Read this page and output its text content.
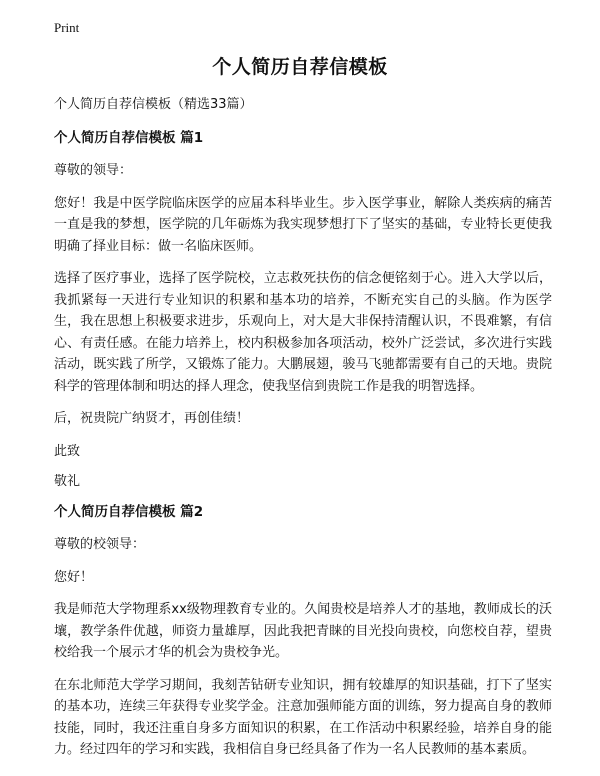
Print
个人简历自荐信模板

个人简历自荐信模板（精选33篇）

个人简历自荐信模板 篇1

尊敬的领导：

您好！我是中医学院临床医学的应届本科毕业生。步入医学事业，解除人类疾病的痛苦一直是我的梦想，医学院的几年砺炼为我实现梦想打下了坚实的基础，专业特长更使我明确了择业目标：做一名临床医师。

选择了医疗事业，选择了医学院校，立志救死扶伤的信念便铭刻于心。进入大学以后，我抓紧每一天进行专业知识的积累和基本功的培养，不断充实自己的头脑。作为医学生，我在思想上积极要求进步，乐观向上，对大是大非保持清醒认识，不畏难繁，有信心、有责任感。在能力培养上，校内积极参加各项活动，校外广泛尝试，多次进行实践活动，既实践了所学，又锻炼了能力。大鹏展翅，骏马飞驰都需要有自己的天地。贵院科学的管理体制和明达的择人理念，使我坚信到贵院工作是我的明智选择。

后，祝贵院广纳贤才，再创佳绩！

此致

敬礼

个人简历自荐信模板 篇2

尊敬的校领导：

您好！

我是师范大学物理系xx级物理教育专业的。久闻贵校是培养人才的基地，教师成长的沃壤，教学条件优越，师资力量雄厚，因此我把青睐的目光投向贵校，向您校自荐，望贵校给我一个展示才华的机会为贵校争光。

在东北师范大学学习期间，我刻苦钻研专业知识，拥有较雄厚的知识基础，打下了坚实的基本功，连续三年获得专业奖学金。注意加强师能方面的训练，努力提高自身的教师技能，同时，我还注重自身多方面知识的积累，在工作活动中积累经验，培养自身的能力。经过四年的学习和实践，我相信自身已经具备了作为一名人民教师的基本素质。
